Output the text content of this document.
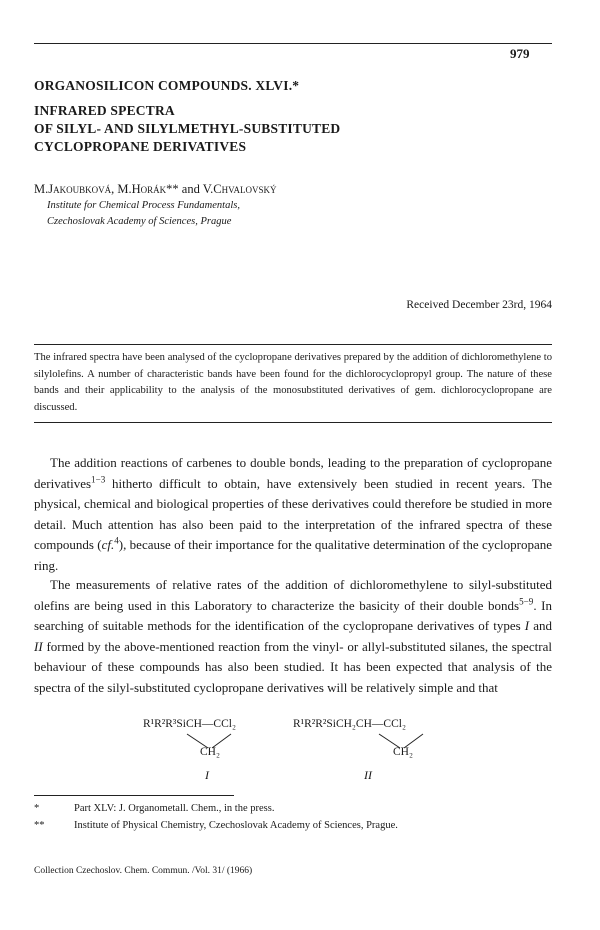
979
ORGANOSILICON COMPOUNDS. XLVI.*
INFRARED SPECTRA
OF SILYL- AND SILYLMETHYL-SUBSTITUTED
CYCLOPROPANE DERIVATIVES
M.Jakoubková, M.Horák** and V.Chvalovský
Institute for Chemical Process Fundamentals,
Czechoslovak Academy of Sciences, Prague
Received December 23rd, 1964
The infrared spectra have been analysed of the cyclopropane derivatives prepared by the addition of dichloromethylene to silylolefins. A number of characteristic bands have been found for the dichlorocyclopropyl group. The nature of these bands and their applicability to the analysis of the monosubstituted derivatives of gem. dichlorocyclopropane are discussed.

The addition reactions of carbenes to double bonds, leading to the preparation of cyclopropane derivatives$^{1-3}$ hitherto difficult to obtain, have extensively been studied in recent years. The physical, chemical and biological properties of these derivatives could therefore be studied in more detail. Much attention has also been paid to the interpretation of the infrared spectra of these compounds (cf.$^4$), because of their importance for the qualitative determination of the cyclopropane ring.

The measurements of relative rates of the addition of dichloromethylene to silyl-substituted olefins are being used in this Laboratory to characterize the basicity of their double bonds$^{5-9}$. In searching of suitable methods for the identification of the cyclopropane derivatives of types I and II formed by the above-mentioned reaction from the vinyl- or allyl-substituted silanes, the spectral behaviour of these compounds has also been studied. It has been expected that analysis of the spectra of the silyl-substituted cyclopropane derivatives will be relatively simple and that

R¹R²R³SiCH—CCl₂
CH₂
I
R¹R²R²SiCH₂CH—CCl₂
CH₂
II
*	Part XLV: J. Organometall. Chem., in the press.
**	Institute of Physical Chemistry, Czechoslovak Academy of Sciences, Prague.
Collection Czechoslov. Chem. Commun. /Vol. 31/ (1966)
